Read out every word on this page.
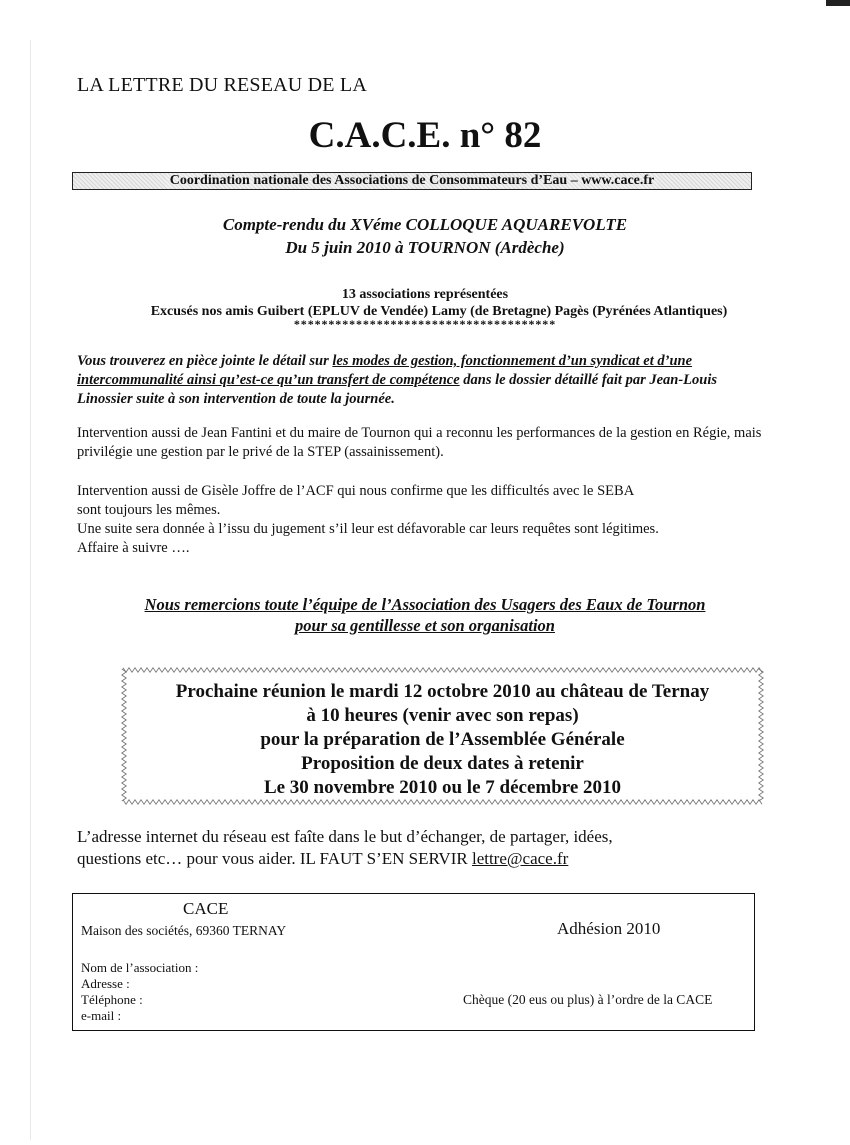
LA LETTRE DU RESEAU DE LA
C.A.C.E. n° 82
Coordination nationale des Associations de Consommateurs d’Eau – www.cace.fr
Compte-rendu du XVéme COLLOQUE AQUAREVOLTE
Du 5 juin 2010 à TOURNON (Ardèche)
13 associations représentées
Excusés nos amis Guibert (EPLUV de Vendée) Lamy (de Bretagne) Pagès (Pyrénées Atlantiques)
**************************************
Vous trouverez en pièce jointe le détail sur les modes de gestion, fonctionnement d’un syndicat et d’une intercommunalité ainsi qu’est-ce qu’un transfert de compétence dans le dossier détaillé fait par Jean-Louis Linossier suite à son intervention de toute la journée.
Intervention aussi de Jean Fantini et du maire de Tournon qui a reconnu les performances de la gestion en Régie, mais privilégie une gestion par le privé de la STEP (assainissement).
Intervention aussi de Gisèle Joffre de l’ACF qui nous confirme que les difficultés avec le SEBA
sont toujours les mêmes.
Une suite sera donnée à l’issu du jugement s’il leur est défavorable car leurs requêtes sont légitimes.
Affaire à suivre ….
Nous remercions toute l’équipe de l’Association des Usagers des Eaux de Tournon
pour sa gentillesse et son organisation
Prochaine réunion le mardi 12 octobre 2010 au château de Ternay
à 10 heures (venir avec son repas)
pour la préparation de l’Assemblée Générale
Proposition de deux dates à retenir
Le 30 novembre 2010 ou le 7 décembre 2010
L’adresse internet du réseau est faîte dans le but d’échanger, de partager, idées,
questions etc… pour vous aider. IL FAUT S’EN SERVIR lettre@cace.fr
CACE
Maison des sociétés, 69360 TERNAY	Adhésion 2010
Nom de l’association :
Adresse :
Téléphone :
e-mail :
Chèque (20 eus ou plus) à l’ordre de la CACE
